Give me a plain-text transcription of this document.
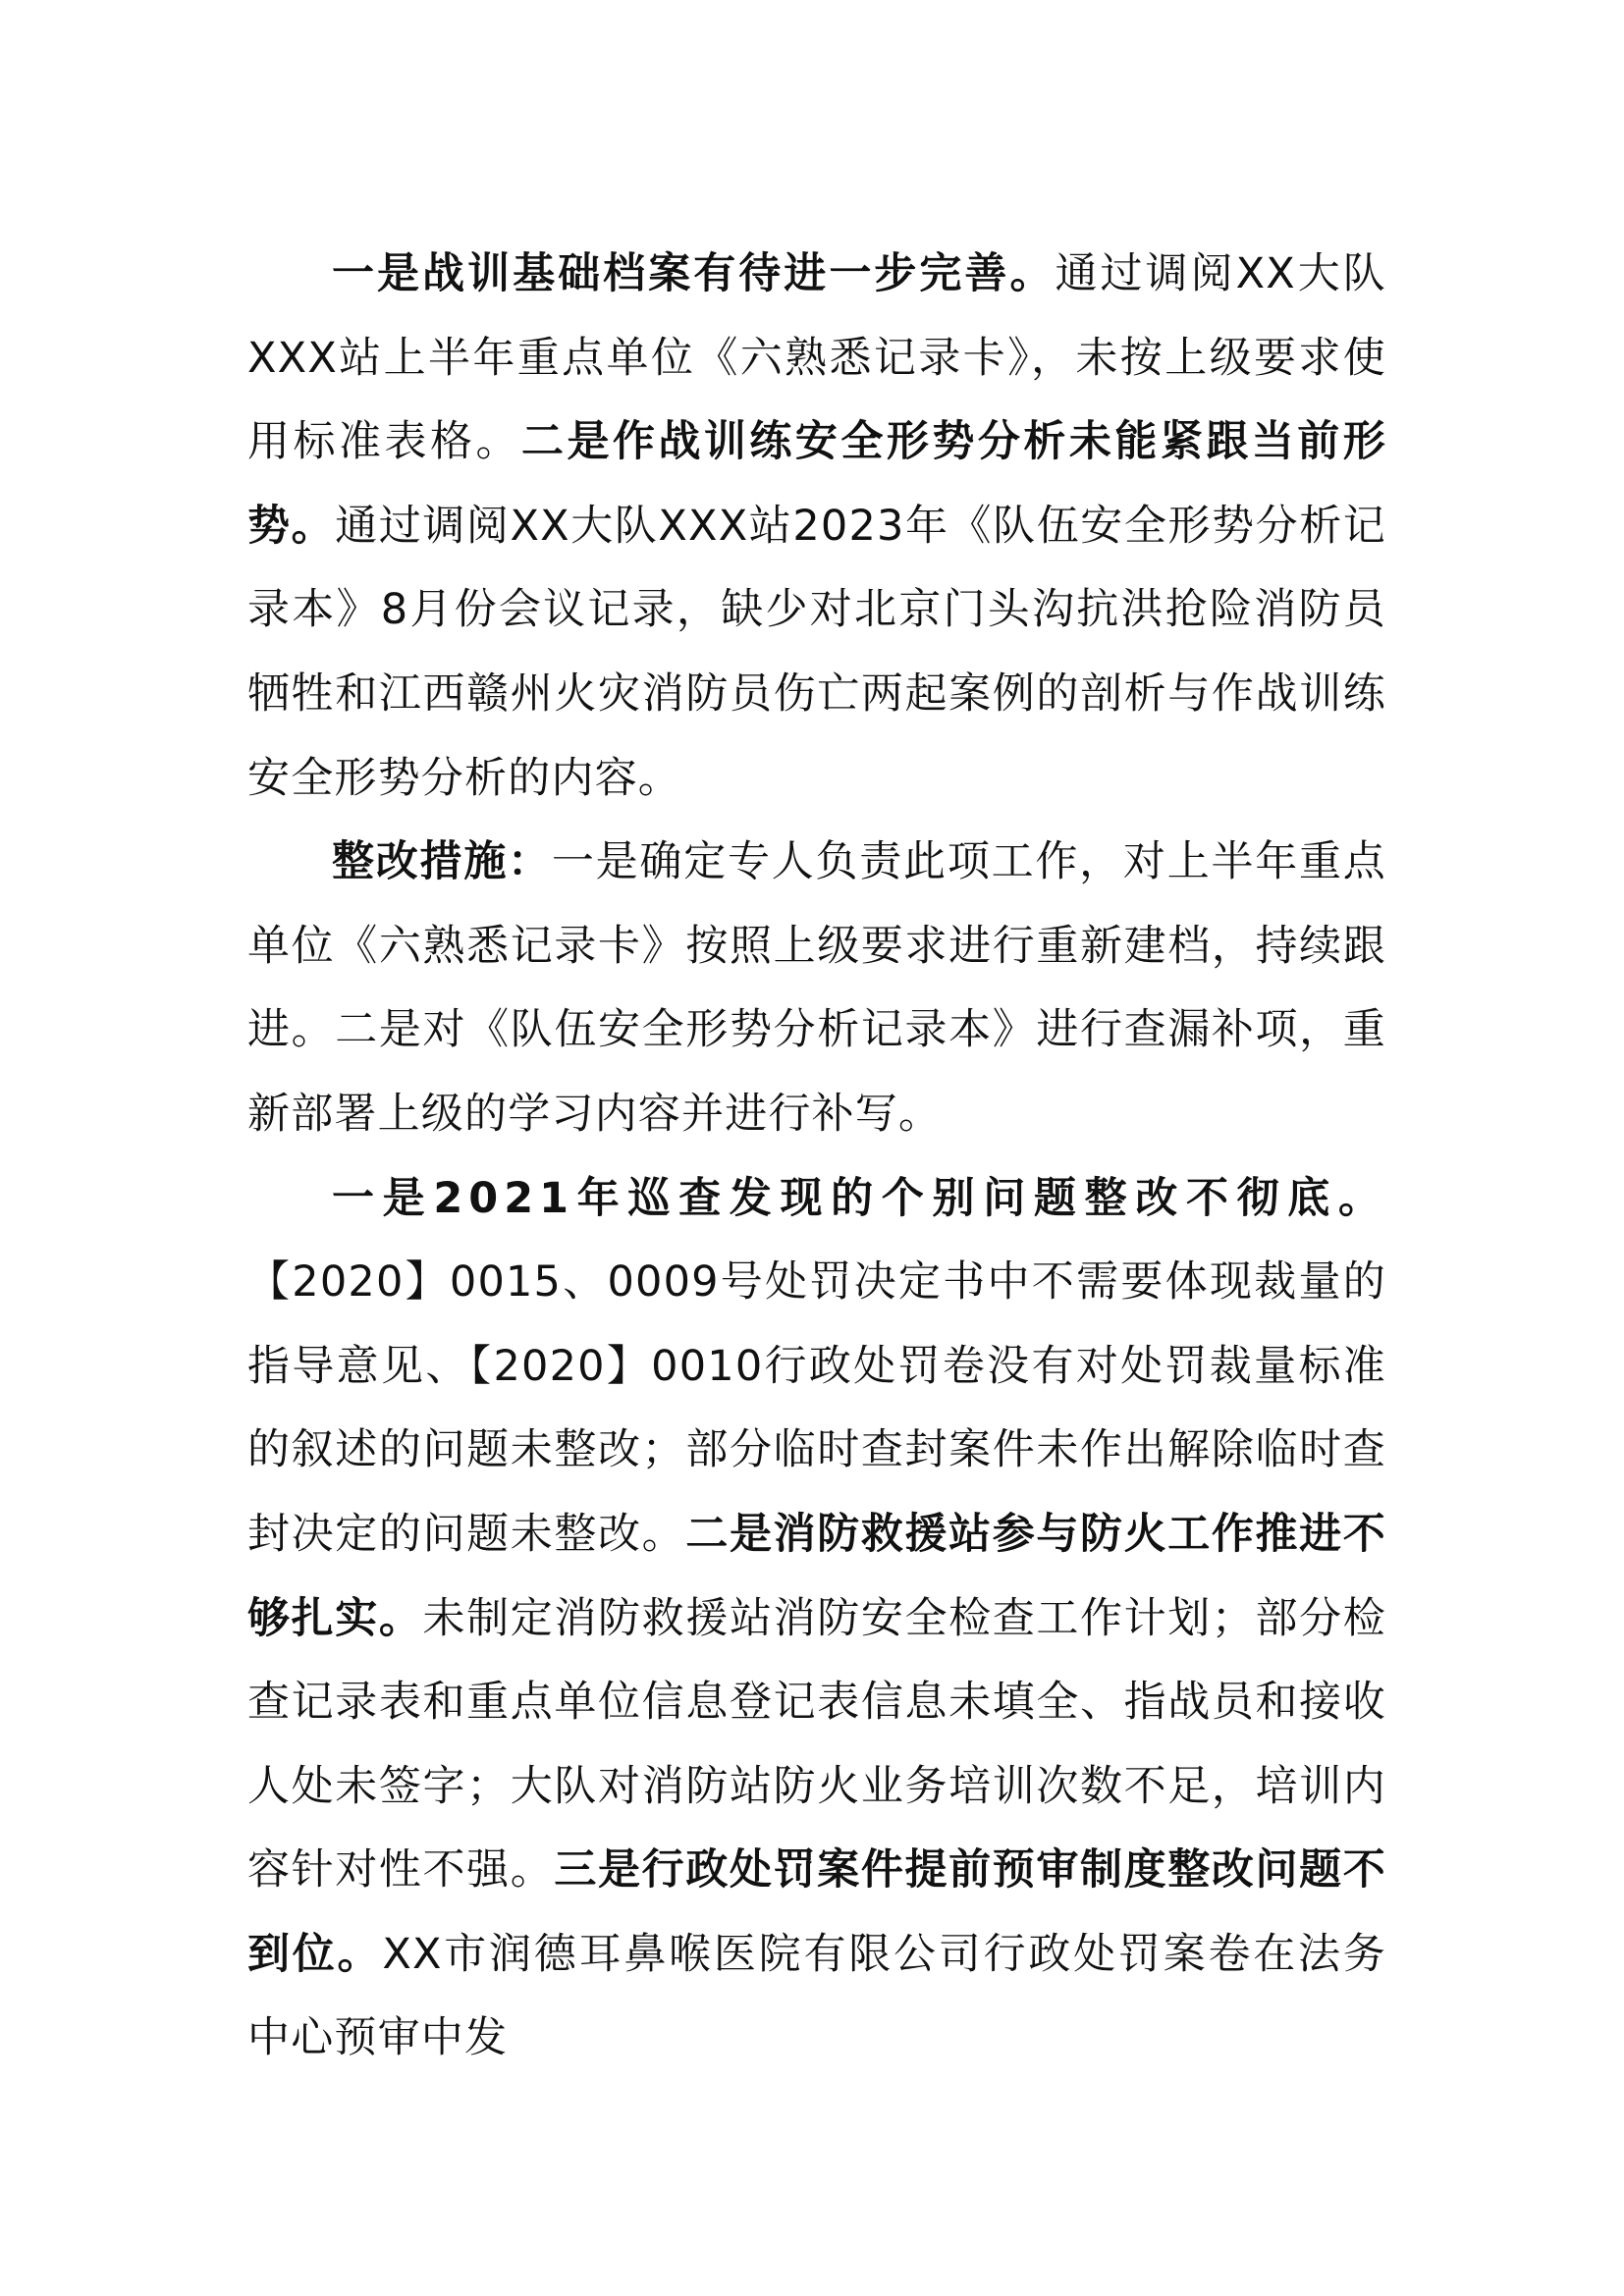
一是战训基础档案有待进一步完善。通过调阅XX大队XXX站上半年重点单位《六熟悉记录卡》，未按上级要求使用标准表格。二是作战训练安全形势分析未能紧跟当前形势。通过调阅XX大队XXX站2023年《队伍安全形势分析记录本》8月份会议记录，缺少对北京门头沟抗洪抢险消防员牺牲和江西赣州火灾消防员伤亡两起案例的剖析与作战训练安全形势分析的内容。

整改措施：一是确定专人负责此项工作，对上半年重点单位《六熟悉记录卡》按照上级要求进行重新建档，持续跟进。二是对《队伍安全形势分析记录本》进行查漏补项，重新部署上级的学习内容并进行补写。

一是2021年巡查发现的个别问题整改不彻底。【2020】0015、0009号处罚决定书中不需要体现裁量的指导意见、【2020】0010行政处罚卷没有对处罚裁量标准的叙述的问题未整改；部分临时查封案件未作出解除临时查封决定的问题未整改。二是消防救援站参与防火工作推进不够扎实。未制定消防救援站消防安全检查工作计划；部分检查记录表和重点单位信息登记表信息未填全、指战员和接收人处未签字；大队对消防站防火业务培训次数不足，培训内容针对性不强。三是行政处罚案件提前预审制度整改问题不到位。XX市润德耳鼻喉医院有限公司行政处罚案卷在法务中心预审中发
